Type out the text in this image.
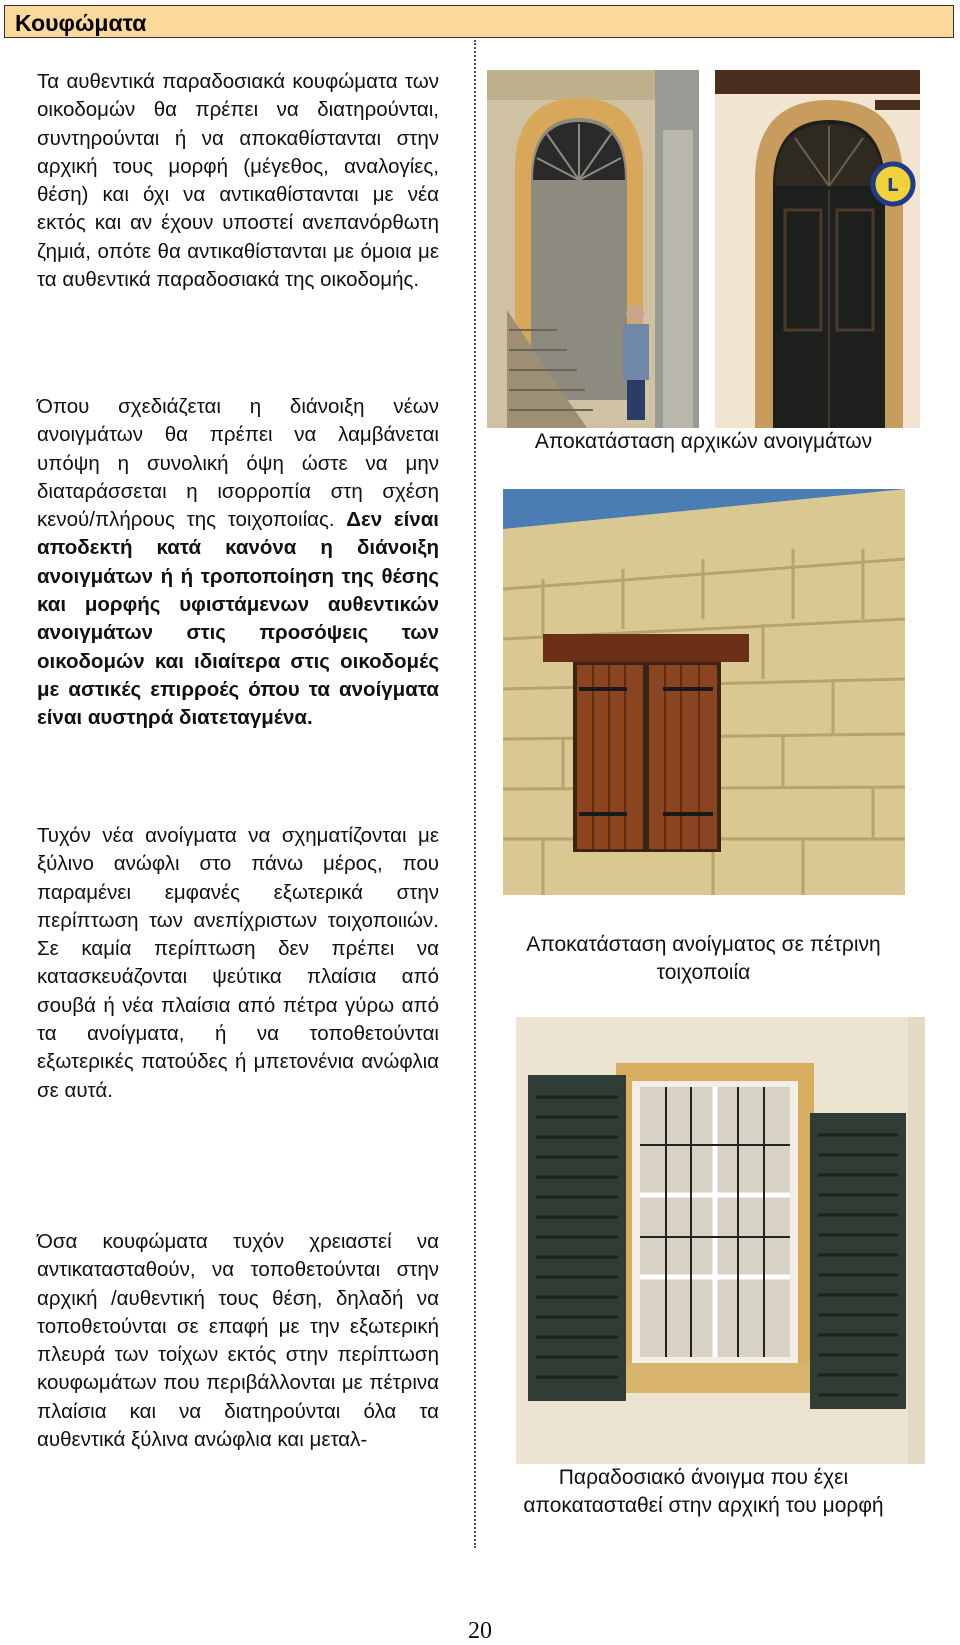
Κουφώματα
Τα αυθεντικά παραδοσιακά κουφώματα των οικοδομών θα πρέπει να διατηρούνται, συντηρούνται ή να αποκαθίστανται στην αρχική τους μορφή (μέγεθος, αναλογίες, θέση) και όχι να αντικαθίστανται με νέα εκτός και αν έχουν υποστεί ανεπανόρθωτη ζημιά, οπότε θα αντικαθίστανται με όμοια με τα αυθεντικά παραδοσιακά της οικοδομής.
Όπου σχεδιάζεται η διάνοιξη νέων ανοιγμάτων θα πρέπει να λαμβάνεται υπόψη η συνολική όψη ώστε να μην διαταράσσεται η ισορροπία στη σχέση κενού/πλήρους της τοιχοποιίας. Δεν είναι αποδεκτή κατά κανόνα η διάνοιξη ανοιγμάτων ή ή τροποποίηση της θέσης και μορφής υφιστάμενων αυθεντικών ανοιγμάτων στις προσόψεις των οικοδομών και ιδιαίτερα στις οικοδομές με αστικές επιρροές όπου τα ανοίγματα είναι αυστηρά διατεταγμένα.
Τυχόν νέα ανοίγματα να σχηματίζονται με ξύλινο ανώφλι στο πάνω μέρος, που παραμένει εμφανές εξωτερικά στην περίπτωση των ανεπίχριστων τοιχοποιιών. Σε καμία περίπτωση δεν πρέπει να κατασκευάζονται ψεύτικα πλαίσια από σουβά ή νέα πλαίσια από πέτρα γύρω από τα ανοίγματα, ή να τοποθετούνται εξωτερικές πατούδες ή μπετονένια ανώφλια σε αυτά.
Όσα κουφώματα τυχόν χρειαστεί να αντικατασταθούν, να τοποθετούνται στην αρχική /αυθεντική τους θέση, δηλαδή να τοποθετούνται σε επαφή με την εξωτερική πλευρά των τοίχων εκτός στην περίπτωση κουφωμάτων που περιβάλλονται με πέτρινα πλαίσια και να διατηρούνται όλα τα αυθεντικά ξύλινα ανώφλια και μεταλ-
L
Αποκατάσταση αρχικών ανοιγμάτων
Αποκατάσταση ανοίγματος σε πέτρινη
τοιχοποιία
Παραδοσιακό άνοιγμα που έχει
αποκατασταθεί στην αρχική του μορφή
20
